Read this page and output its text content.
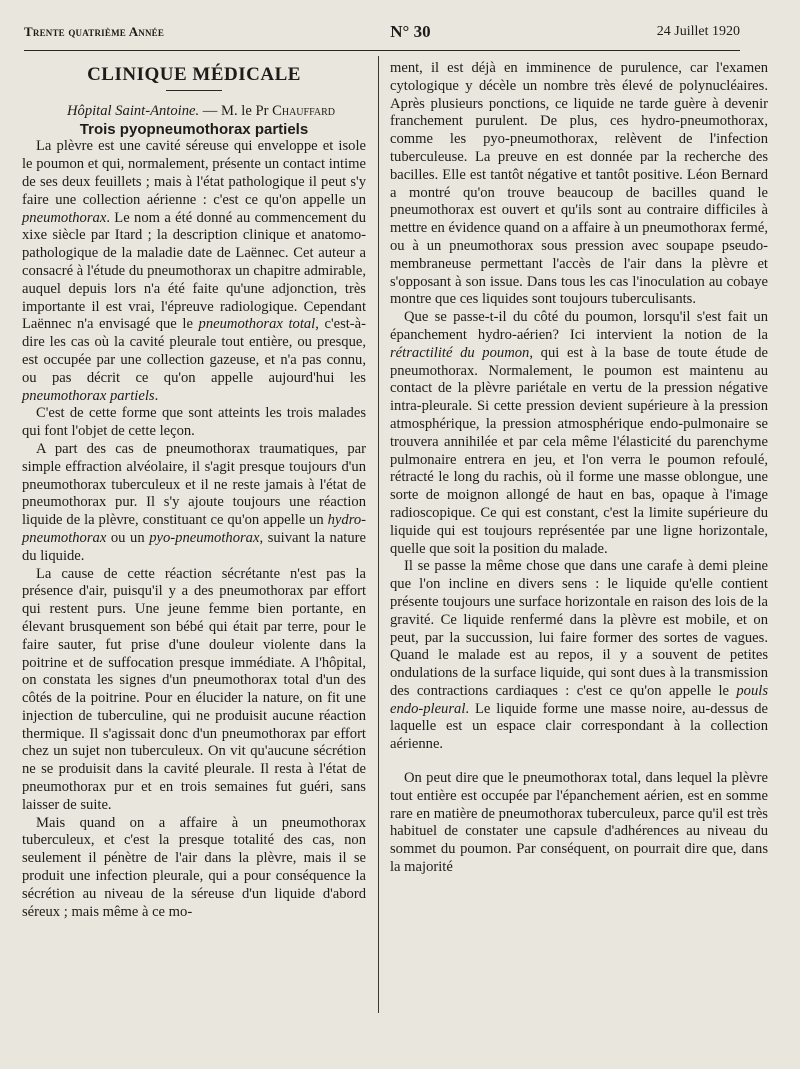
Trente quatrième Année	N° 30	24 Juillet 1920
CLINIQUE MÉDICALE

Hôpital Saint-Antoine. — M. le Pr Chauffard

Trois pyopneumothorax partiels

La plèvre est une cavité séreuse qui enveloppe et isole le poumon et qui, normalement, présente un contact intime de ses deux feuillets ; mais à l'état pathologique il peut s'y faire une collection aérienne : c'est ce qu'on appelle un pneumothorax. Le nom a été donné au commencement du xixe siècle par Itard ; la description clinique et anatomo-pathologique de la maladie date de Laënnec. Cet auteur a consacré à l'étude du pneumothorax un chapitre admirable, auquel depuis lors n'a été faite qu'une adjonction, très importante il est vrai, l'épreuve radiologique. Cependant Laënnec n'a envisagé que le pneumothorax total, c'est-à-dire les cas où la cavité pleurale tout entière, ou presque, est occupée par une collection gazeuse, et n'a pas connu, ou pas décrit ce qu'on appelle aujourd'hui les pneumothorax partiels.

C'est de cette forme que sont atteints les trois malades qui font l'objet de cette leçon.

A part des cas de pneumothorax traumatiques, par simple effraction alvéolaire, il s'agit presque toujours d'un pneumothorax tuberculeux et il ne reste jamais à l'état de pneumothorax pur. Il s'y ajoute toujours une réaction liquide de la plèvre, constituant ce qu'on appelle un hydro-pneumothorax ou un pyo-pneumothorax, suivant la nature du liquide.

La cause de cette réaction sécrétante n'est pas la présence d'air, puisqu'il y a des pneumothorax par effort qui restent purs. Une jeune femme bien portante, en élevant brusquement son bébé qui était par terre, pour le faire sauter, fut prise d'une douleur violente dans la poitrine et de suffocation presque immédiate. A l'hôpital, on constata les signes d'un pneumothorax total d'un des côtés de la poitrine. Pour en élucider la nature, on fit une injection de tuberculine, qui ne produisit aucune réaction thermique. Il s'agissait donc d'un pneumothorax par effort chez un sujet non tuberculeux. On vit qu'aucune sécrétion ne se produisit dans la cavité pleurale. Il resta à l'état de pneumothorax pur et en trois semaines fut guéri, sans laisser de suite.

Mais quand on a affaire à un pneumothorax tuberculeux, et c'est la presque totalité des cas, non seulement il pénètre de l'air dans la plèvre, mais il se produit une infection pleurale, qui a pour conséquence la sécrétion au niveau de la séreuse d'un liquide d'abord séreux ; mais même à ce mo-

ment, il est déjà en imminence de purulence, car l'examen cytologique y décèle un nombre très élevé de polynucléaires. Après plusieurs ponctions, ce liquide ne tarde guère à devenir franchement purulent. De plus, ces hydro-pneumothorax, comme les pyo-pneumothorax, relèvent de l'infection tuberculeuse. La preuve en est donnée par la recherche des bacilles. Elle est tantôt négative et tantôt positive. Léon Bernard a montré qu'on trouve beaucoup de bacilles quand le pneumothorax est ouvert et qu'ils sont au contraire difficiles à mettre en évidence quand on a affaire à un pneumothorax fermé, ou à un pneumothorax sous pression avec soupape pseudo-membraneuse permettant l'accès de l'air dans la plèvre et s'opposant à son issue. Dans tous les cas l'inoculation au cobaye montre que ces liquides sont toujours tuberculisants.

Que se passe-t-il du côté du poumon, lorsqu'il s'est fait un épanchement hydro-aérien? Ici intervient la notion de la rétractilité du poumon, qui est à la base de toute étude de pneumothorax. Normalement, le poumon est maintenu au contact de la plèvre pariétale en vertu de la pression négative intra-pleurale. Si cette pression devient supérieure à la pression atmosphérique, la pression atmosphérique endo-pulmonaire se trouvera annihilée et par cela même l'élasticité du parenchyme pulmonaire entrera en jeu, et l'on verra le poumon refoulé, rétracté le long du rachis, où il forme une masse oblongue, une sorte de moignon allongé de haut en bas, opaque à l'image radioscopique. Ce qui est constant, c'est la limite supérieure du liquide qui est toujours représentée par une ligne horizontale, quelle que soit la position du malade.

Il se passe la même chose que dans une carafe à demi pleine que l'on incline en divers sens : le liquide qu'elle contient présente toujours une surface horizontale en raison des lois de la gravité. Ce liquide renfermé dans la plèvre est mobile, et on peut, par la succussion, lui faire former des sortes de vagues. Quand le malade est au repos, il y a souvent de petites ondulations de la surface liquide, qui sont dues à la transmission des contractions cardiaques : c'est ce qu'on appelle le pouls endo-pleural. Le liquide forme une masse noire, au-dessus de laquelle est un espace clair correspondant à la collection aérienne.

On peut dire que le pneumothorax total, dans lequel la plèvre tout entière est occupée par l'épanchement aérien, est en somme rare en matière de pneumothorax tuberculeux, parce qu'il est très habituel de constater une capsule d'adhérences au niveau du sommet du poumon. Par conséquent, on pourrait dire que, dans la majorité
